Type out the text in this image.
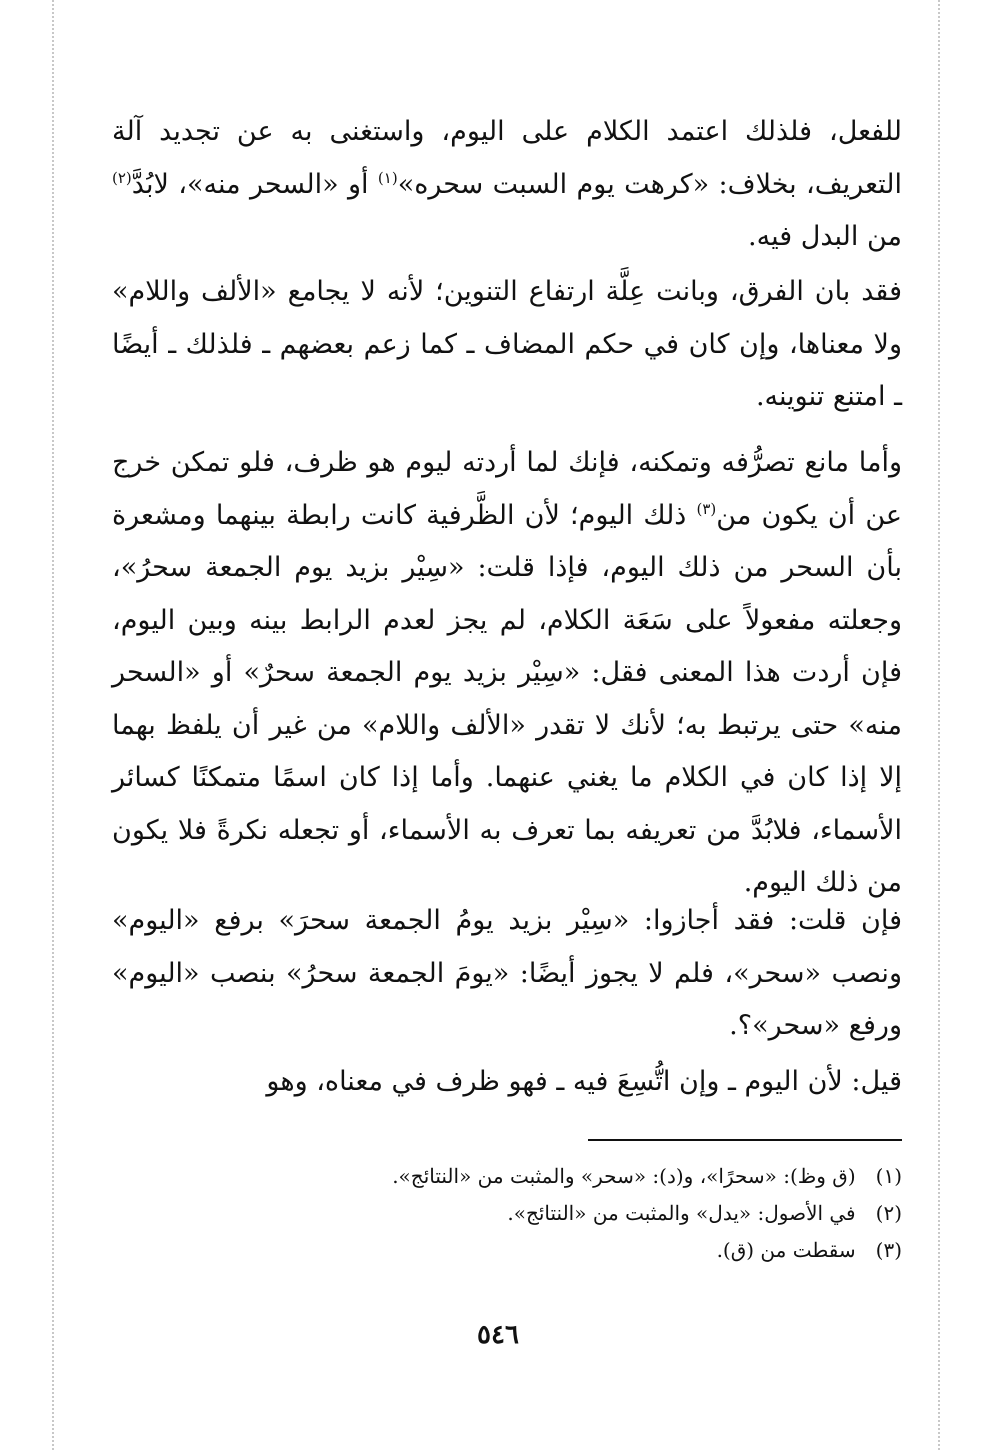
للفعل، فلذلك اعتمد الكلام على اليوم، واستغنى به عن تجديد آلة التعريف، بخلاف: «كرهت يوم السبت سحره»$^{(١)}$ أو «السحر منه»، لابُدَّ$^{(٢)}$ من البدل فيه.

فقد بان الفرق، وبانت عِلَّة ارتفاع التنوين؛ لأنه لا يجامع «الألف واللام» ولا معناها، وإن كان في حكم المضاف ـ كما زعم بعضهم ـ فلذلك ـ أيضًا ـ امتنع تنوينه.

وأما مانع تصرُّفه وتمكنه، فإنك لما أردته ليوم هو ظرف، فلو تمكن خرج عن أن يكون من$^{(٣)}$ ذلك اليوم؛ لأن الظَّرفية كانت رابطة بينهما ومشعرة بأن السحر من ذلك اليوم، فإذا قلت: «سِيْر بزيد يوم الجمعة سحرُ»، وجعلته مفعولاً على سَعَة الكلام، لم يجز لعدم الرابط بينه وبين اليوم، فإن أردت هذا المعنى فقل: «سِيْر بزيد يوم الجمعة سحرٌ» أو «السحر منه» حتى يرتبط به؛ لأنك لا تقدر «الألف واللام» من غير أن يلفظ بهما إلا إذا كان في الكلام ما يغني عنهما. وأما إذا كان اسمًا متمكنًا كسائر الأسماء، فلابُدَّ من تعريفه بما تعرف به الأسماء، أو تجعله نكرةً فلا يكون من ذلك اليوم.

فإن قلت: فقد أجازوا: «سِيْر بزيد يومُ الجمعة سحرَ» برفع «اليوم» ونصب «سحر»، فلم لا يجوز أيضًا: «يومَ الجمعة سحرُ» بنصب «اليوم» ورفع «سحر»؟.

قيل: لأن اليوم ـ وإن اتُّسِعَ فيه ـ فهو ظرف في معناه، وهو

(١)(ق وظ): «سحرًا»، و(د): «سحر» والمثبت من «النتائج».
(٢)في الأصول: «يدل» والمثبت من «النتائج».
(٣)سقطت من (ق).
٥٤٦
